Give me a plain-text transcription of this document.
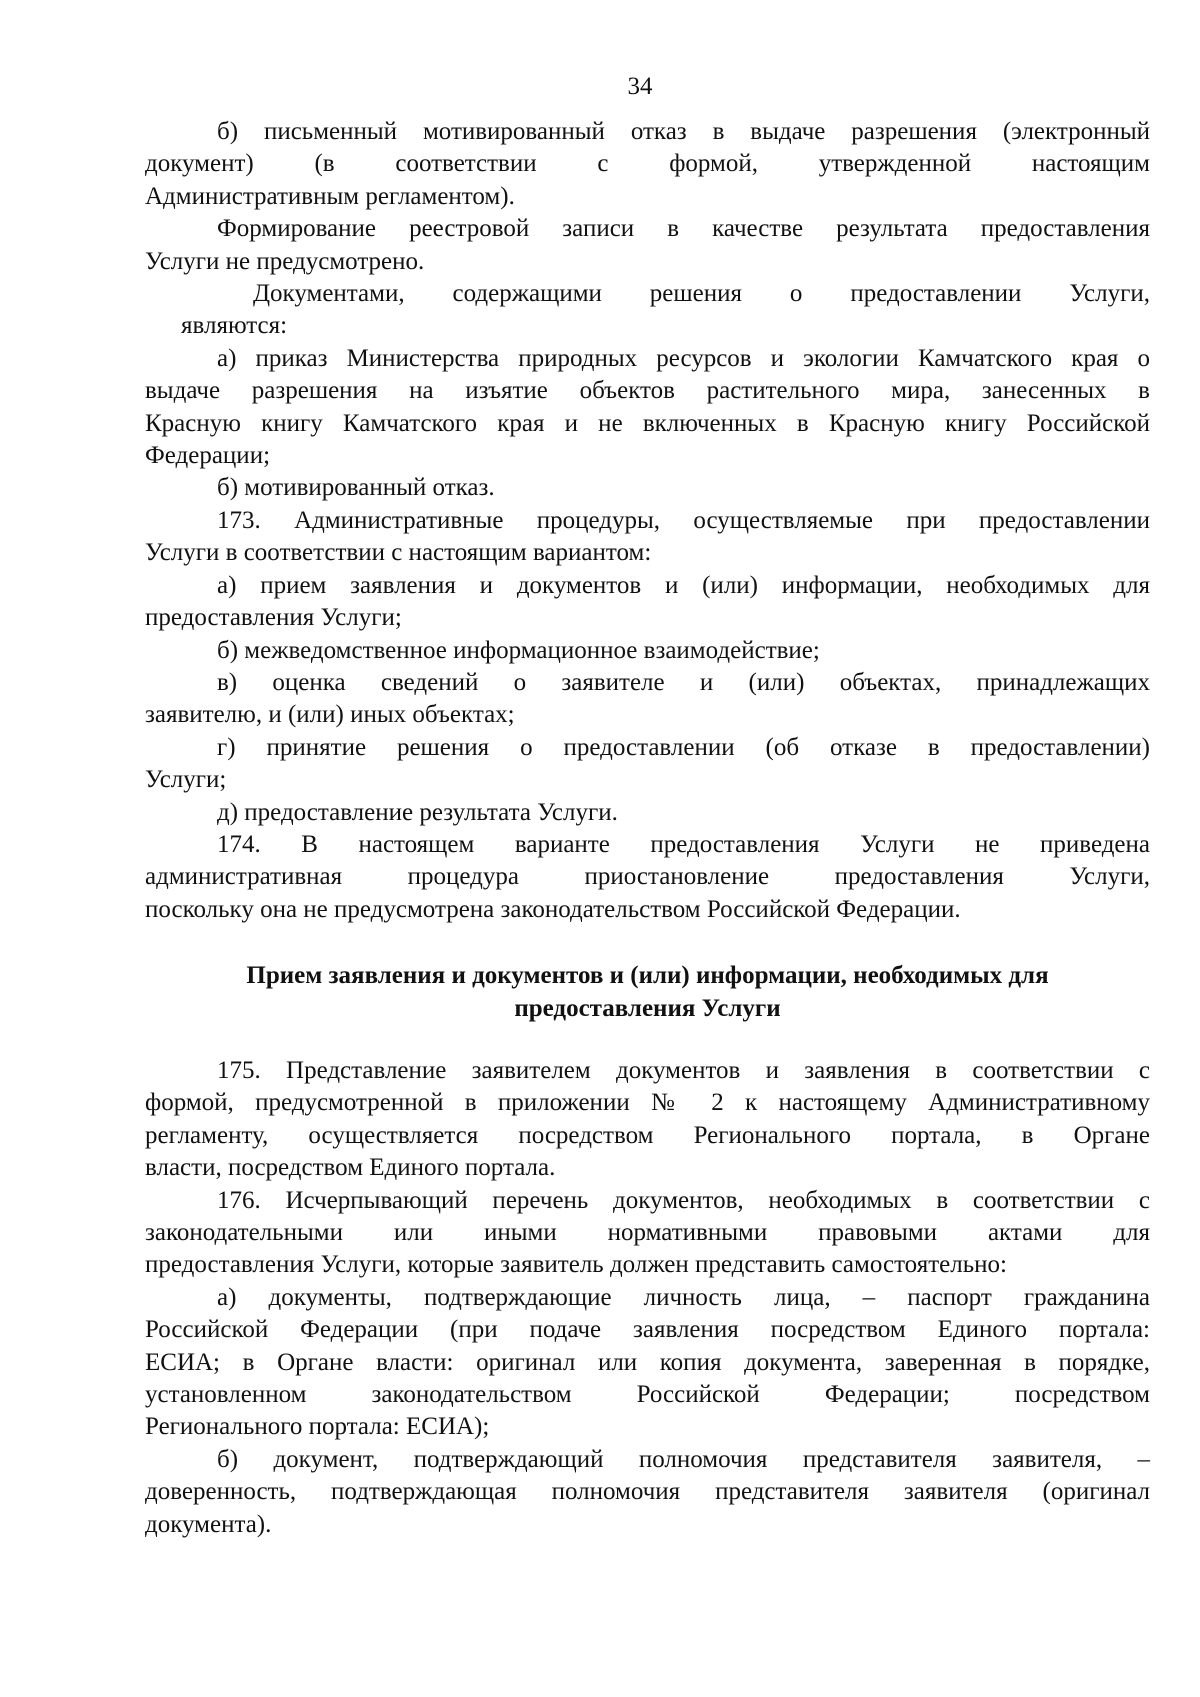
34
б) письменный мотивированный отказ в выдаче разрешения (электронный
документ) (в соответствии с формой, утвержденной настоящим
Административным регламентом).
Формирование реестровой записи в качестве результата предоставления
Услуги не предусмотрено.
Документами, содержащими решения о предоставлении Услуги,
являются:
а) приказ Министерства природных ресурсов и экологии Камчатского края о
выдаче разрешения на изъятие объектов растительного мира, занесенных в
Красную книгу Камчатского края и не включенных в Красную книгу Российской
Федерации;
б) мотивированный отказ.
173. Административные процедуры, осуществляемые при предоставлении
Услуги в соответствии с настоящим вариантом:
а) прием заявления и документов и (или) информации, необходимых для
предоставления Услуги;
б) межведомственное информационное взаимодействие;
в) оценка сведений о заявителе и (или) объектах, принадлежащих
заявителю, и (или) иных объектах;
г) принятие решения о предоставлении (об отказе в предоставлении)
Услуги;
д) предоставление результата Услуги.
174. В настоящем варианте предоставления Услуги не приведена
административная процедура приостановление предоставления Услуги,
поскольку она не предусмотрена законодательством Российской Федерации.
Прием заявления и документов и (или) информации, необходимых для
предоставления Услуги
175. Представление заявителем документов и заявления в соответствии с
формой, предусмотренной в приложении № 2 к настоящему Административному
регламенту, осуществляется посредством Регионального портала, в Органе
власти, посредством Единого портала.
176. Исчерпывающий перечень документов, необходимых в соответствии с
законодательными или иными нормативными правовыми актами для
предоставления Услуги, которые заявитель должен представить самостоятельно:
а) документы, подтверждающие личность лица, – паспорт гражданина
Российской Федерации (при подаче заявления посредством Единого портала:
ЕСИА; в Органе власти: оригинал или копия документа, заверенная в порядке,
установленном законодательством Российской Федерации; посредством
Регионального портала: ЕСИА);
б) документ, подтверждающий полномочия представителя заявителя, –
доверенность, подтверждающая полномочия представителя заявителя (оригинал
документа).
